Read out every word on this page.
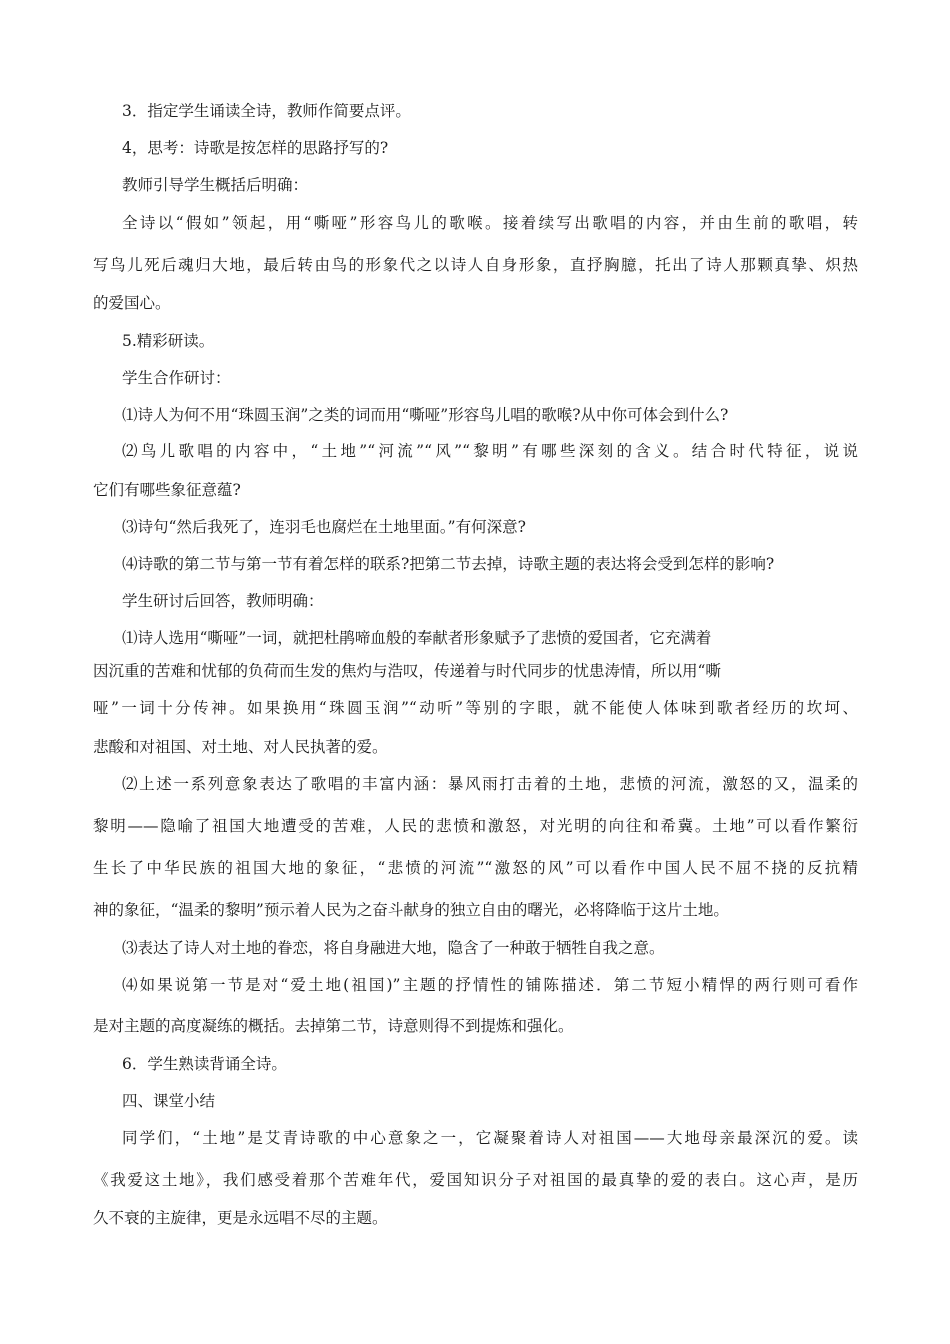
3．指定学生诵读全诗，教师作简要点评。
4，思考：诗歌是按怎样的思路抒写的?
教师引导学生概括后明确：
全诗以“假如”领起，用“嘶哑”形容鸟儿的歌喉。接着续写出歌唱的内容，并由生前的歌唱，转
写鸟儿死后魂归大地，最后转由鸟的形象代之以诗人自身形象，直抒胸臆，托出了诗人那颗真挚、炽热
的爱国心。
5.精彩研读。
学生合作研讨：
⑴诗人为何不用“珠圆玉润”之类的词而用“嘶哑”形容鸟儿唱的歌喉?从中你可体会到什么?
⑵鸟儿歌唱的内容中，“土地”“河流”“风”“黎明”有哪些深刻的含义。结合时代特征，说说
它们有哪些象征意蕴?
⑶诗句“然后我死了，连羽毛也腐烂在土地里面。”有何深意?
⑷诗歌的第二节与第一节有着怎样的联系?把第二节去掉，诗歌主题的表达将会受到怎样的影响?
学生研讨后回答，教师明确：
⑴诗人选用“嘶哑”一词，就把杜鹃啼血般的奉献者形象赋予了悲愤的爱国者，它充满着
因沉重的苦难和忧郁的负荷而生发的焦灼与浩叹，传递着与时代同步的忧患涛情，所以用“嘶
哑”一词十分传神。如果换用“珠圆玉润”“动听”等别的字眼，就不能使人体味到歌者经历的坎坷、
悲酸和对祖国、对土地、对人民执著的爱。
⑵上述一系列意象表达了歌唱的丰富内涵：暴风雨打击着的土地，悲愤的河流，激怒的又，温柔的
黎明——隐喻了祖国大地遭受的苦难，人民的悲愤和激怒，对光明的向往和希冀。土地”可以看作繁衍
生长了中华民族的祖国大地的象征，“悲愤的河流”“激怒的风”可以看作中国人民不屈不挠的反抗精
神的象征，“温柔的黎明”预示着人民为之奋斗献身的独立自由的曙光，必将降临于这片土地。
⑶表达了诗人对土地的眷恋，将自身融进大地，隐含了一种敢于牺牲自我之意。
⑷如果说第一节是对“爱土地(祖国)”主题的抒情性的铺陈描述．第二节短小精悍的两行则可看作
是对主题的高度凝练的概括。去掉第二节，诗意则得不到提炼和强化。
6．学生熟读背诵全诗。
四、课堂小结
同学们，“土地”是艾青诗歌的中心意象之一，它凝聚着诗人对祖国——大地母亲最深沉的爱。读
《我爱这土地》，我们感受着那个苦难年代，爱国知识分子对祖国的最真挚的爱的表白。这心声，是历
久不衰的主旋律，更是永远唱不尽的主题。
